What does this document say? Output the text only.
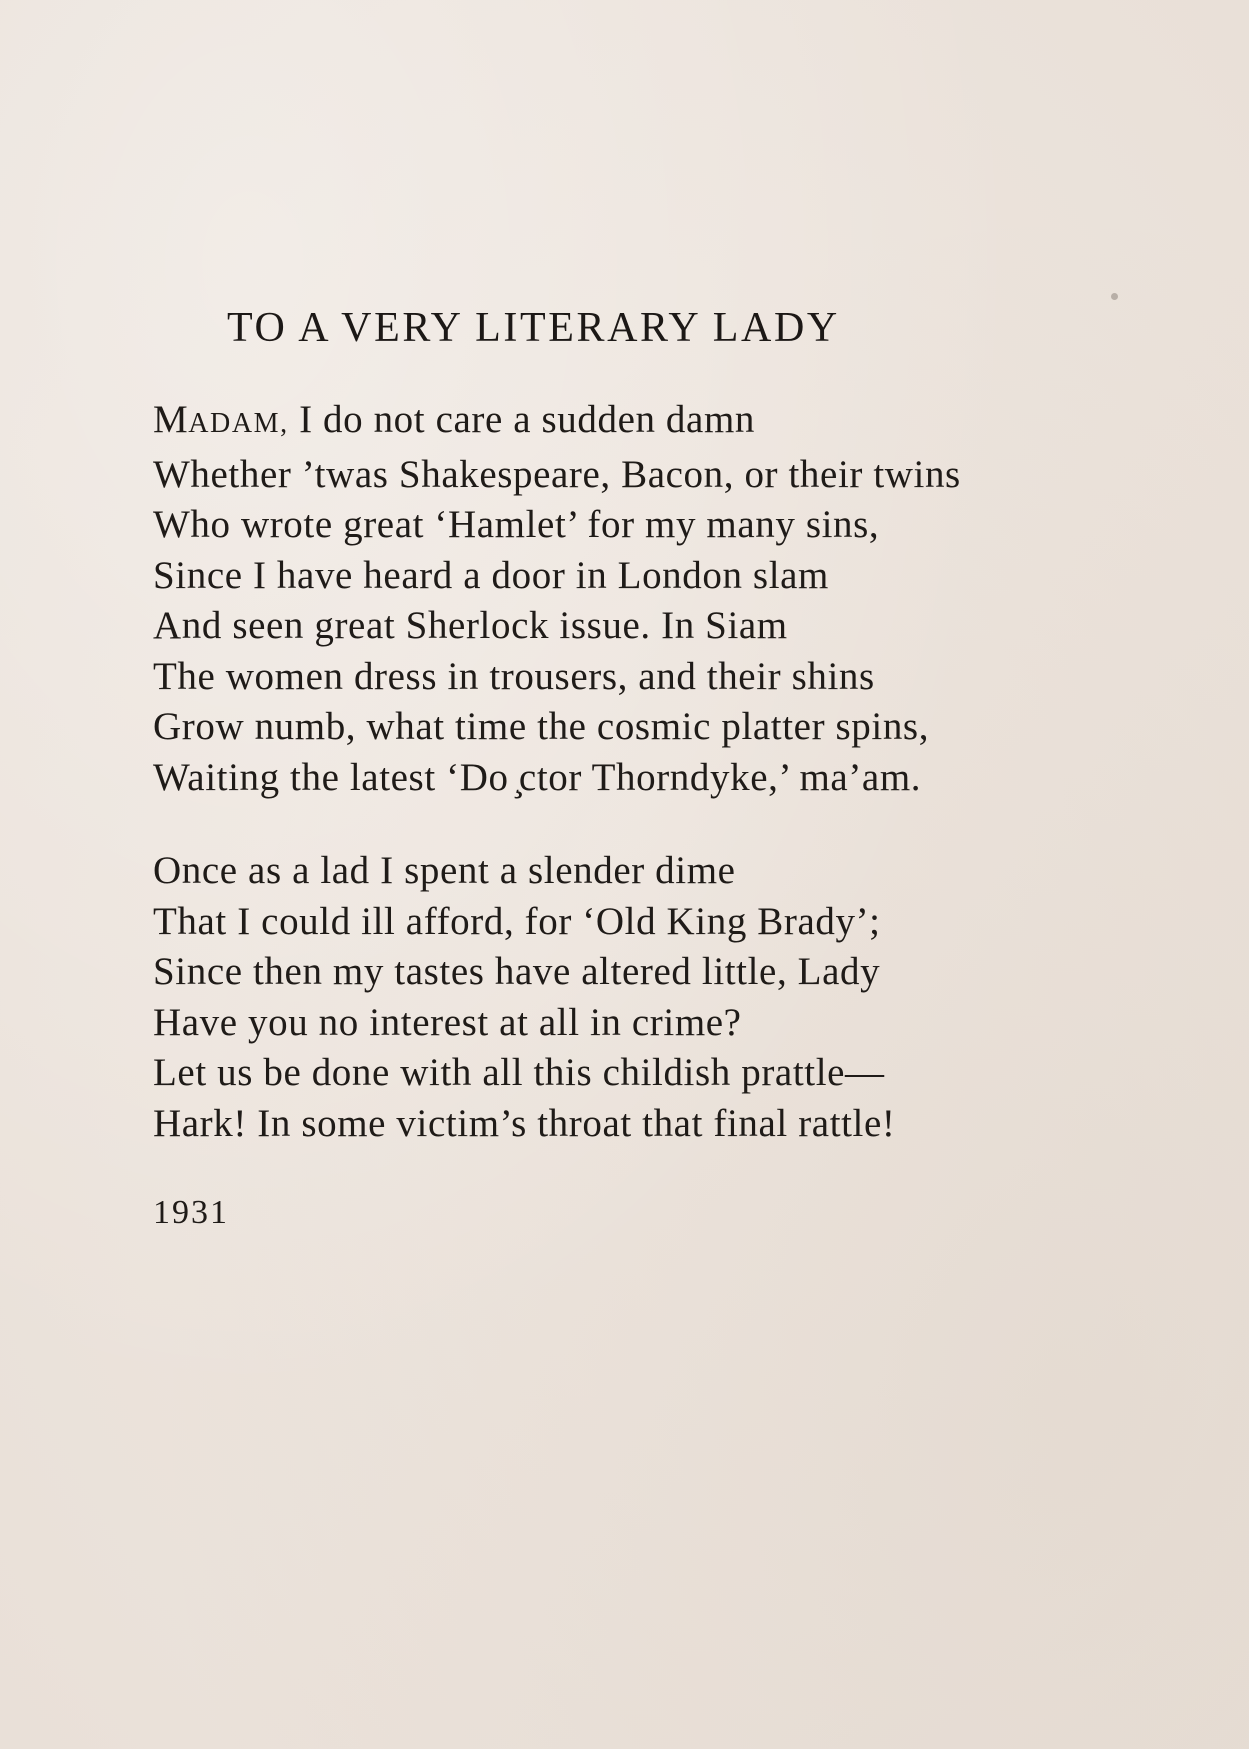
TO A VERY LITERARY LADY
MADAM, I do not care a sudden damn
Whether ’twas Shakespeare, Bacon, or their twins
Who wrote great ‘Hamlet’ for my many sins,
Since I have heard a door in London slam
And seen great Sherlock issue. In Siam
The women dress in trousers, and their shins
Grow numb, what time the cosmic platter spins,
Waiting the latest ‘Do ̧ctor Thorndyke,’ ma’am.
Once as a lad I spent a slender dime
That I could ill afford, for ‘Old King Brady’;
Since then my tastes have altered little, Lady
Have you no interest at all in crime?
Let us be done with all this childish prattle—
Hark! In some victim’s throat that final rattle!
1931
